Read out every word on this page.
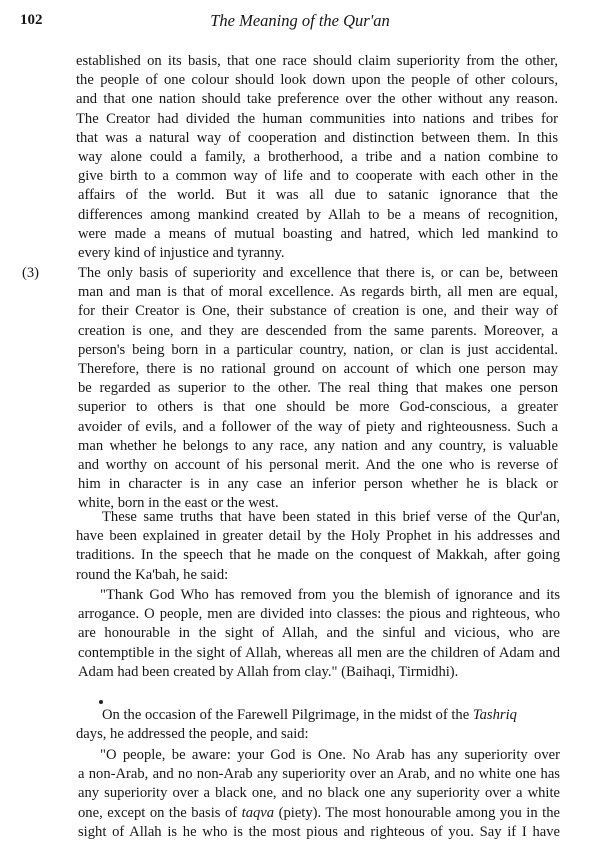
102	The Meaning of the Qur'an
established on its basis, that one race should claim superiority from the other,
the people of one colour should look down upon the people of other colours,
and that one nation should take preference over the other without any reason.
The Creator had divided the human communities into nations and tribes for
that was a natural way of cooperation and distinction between them. In this
way alone could a family, a brotherhood, a tribe and a nation combine to
give birth to a common way of life and to cooperate with each other in the
affairs of the world. But it was all due to satanic ignorance that the
differences among mankind created by Allah to be a means of recognition,
were made a means of mutual boasting and hatred, which led mankind to
every kind of injustice and tyranny.
(3)	The only basis of superiority and excellence that there is, or can be, between
man and man is that of moral excellence. As regards birth, all men are equal,
for their Creator is One, their substance of creation is one, and their way of
creation is one, and they are descended from the same parents. Moreover, a
person's being born in a particular country, nation, or clan is just accidental.
Therefore, there is no rational ground on account of which one person may
be regarded as superior to the other. The real thing that makes one person
superior to others is that one should be more God-conscious, a greater
avoider of evils, and a follower of the way of piety and righteousness. Such a
man whether he belongs to any race, any nation and any country, is valuable
and worthy on account of his personal merit. And the one who is reverse of
him in character is in any case an inferior person whether he is black or
white, born in the east or the west.
These same truths that have been stated in this brief verse of the Qur'an,
have been explained in greater detail by the Holy Prophet in his addresses and
traditions. In the speech that he made on the conquest of Makkah, after going
round the Ka'bah, he said:
"Thank God Who has removed from you the blemish of ignorance and its
arrogance. O people, men are divided into classes: the pious and righteous, who
are honourable in the sight of Allah, and the sinful and vicious, who are
contemptible in the sight of Allah, whereas all men are the children of Adam and
Adam had been created by Allah from clay." (Baihaqi, Tirmidhi).
On the occasion of the Farewell Pilgrimage, in the midst of the Tashriq
days, he addressed the people, and said:
"O people, be aware: your God is One. No Arab has any superiority over
a non-Arab, and no non-Arab any superiority over an Arab, and no white one has
any superiority over a black one, and no black one any superiority over a white
one, except on the basis of taqva (piety). The most honourable among you in the
sight of Allah is he who is the most pious and righteous of you. Say if I have
